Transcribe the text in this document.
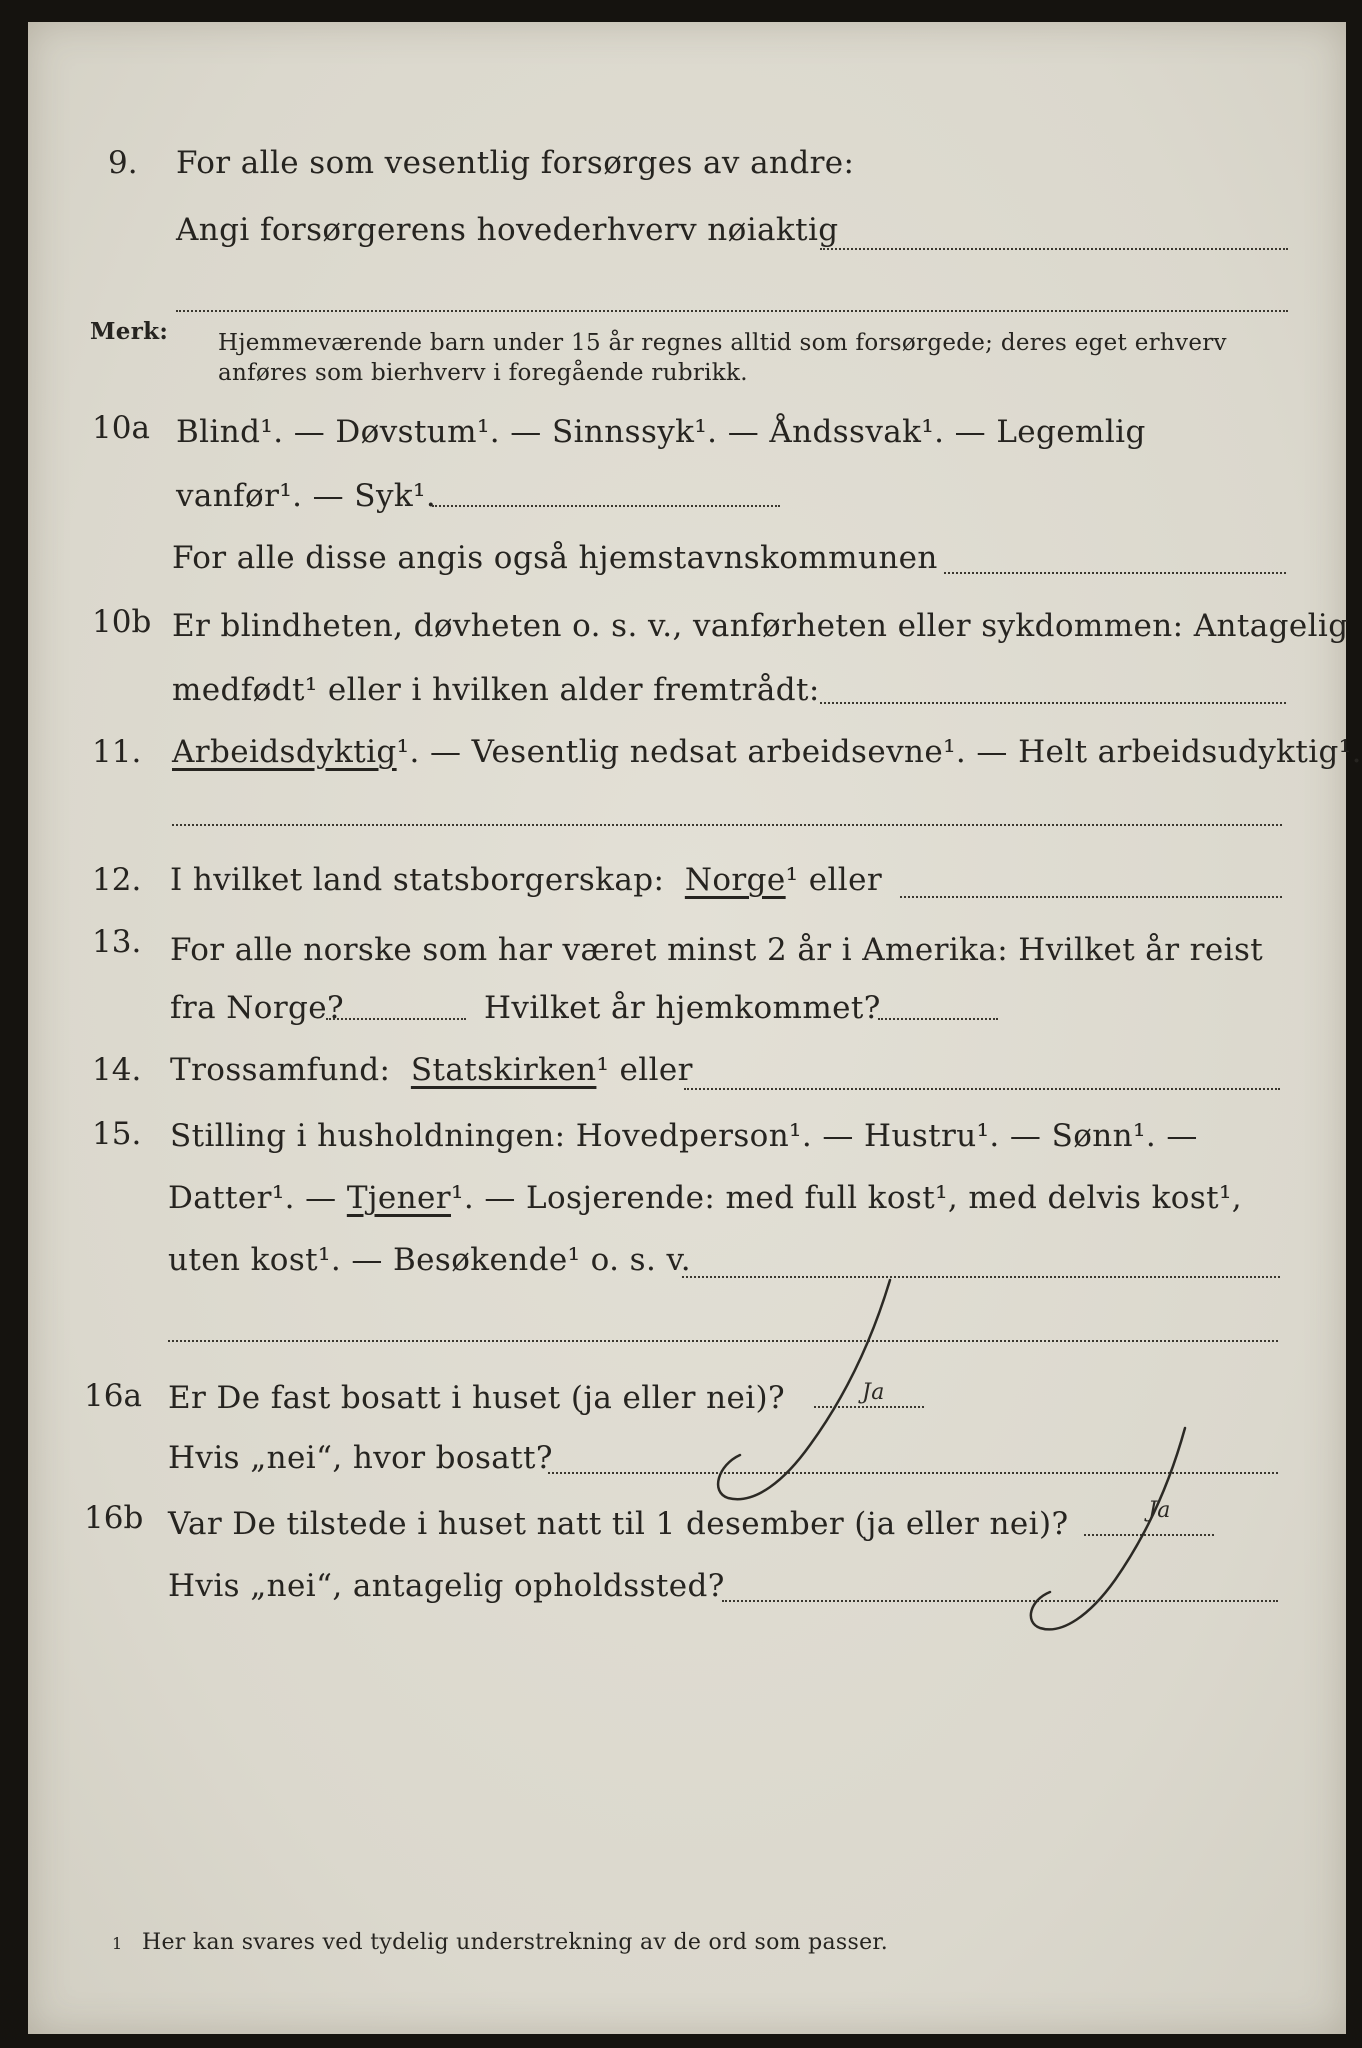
9. For alle som vesentlig forsørges av andre:
Angi forsørgerens hovederhverv nøiaktig
Merk: Hjemmeværende barn under 15 år regnes alltid som forsørgede; deres eget erhverv
anføres som bierhverv i foregående rubrikk.
10a Blind¹. — Døvstum¹. — Sinnssyk¹. — Åndssvak¹. — Legemlig
vanfør¹. — Syk¹.
For alle disse angis også hjemstavnskommunen
10b Er blindheten, døvheten o. s. v., vanførheten eller sykdommen: Antagelig
medfødt¹ eller i hvilken alder fremtrådt:
11. Arbeidsdyktig¹. — Vesentlig nedsat arbeidsevne¹. — Helt arbeidsudyktig¹.
12. I hvilket land statsborgerskap: Norge¹ eller
13. For alle norske som har været minst 2 år i Amerika: Hvilket år reist
fra Norge?	Hvilket år hjemkommet?
14. Trossamfund: Statskirken¹ eller
15. Stilling i husholdningen: Hovedperson¹. — Hustru¹. — Sønn¹. —
Datter¹. — Tjener¹. — Losjerende: med full kost¹, med delvis kost¹,
uten kost¹. — Besøkende¹ o. s. v.
16a Er De fast bosatt i huset (ja eller nei)?	Ja
Hvis „nei“, hvor bosatt?
16b Var De tilstede i huset natt til 1 desember (ja eller nei)?	Ja
Hvis „nei“, antagelig opholdssted?
1 Her kan svares ved tydelig understrekning av de ord som passer.
